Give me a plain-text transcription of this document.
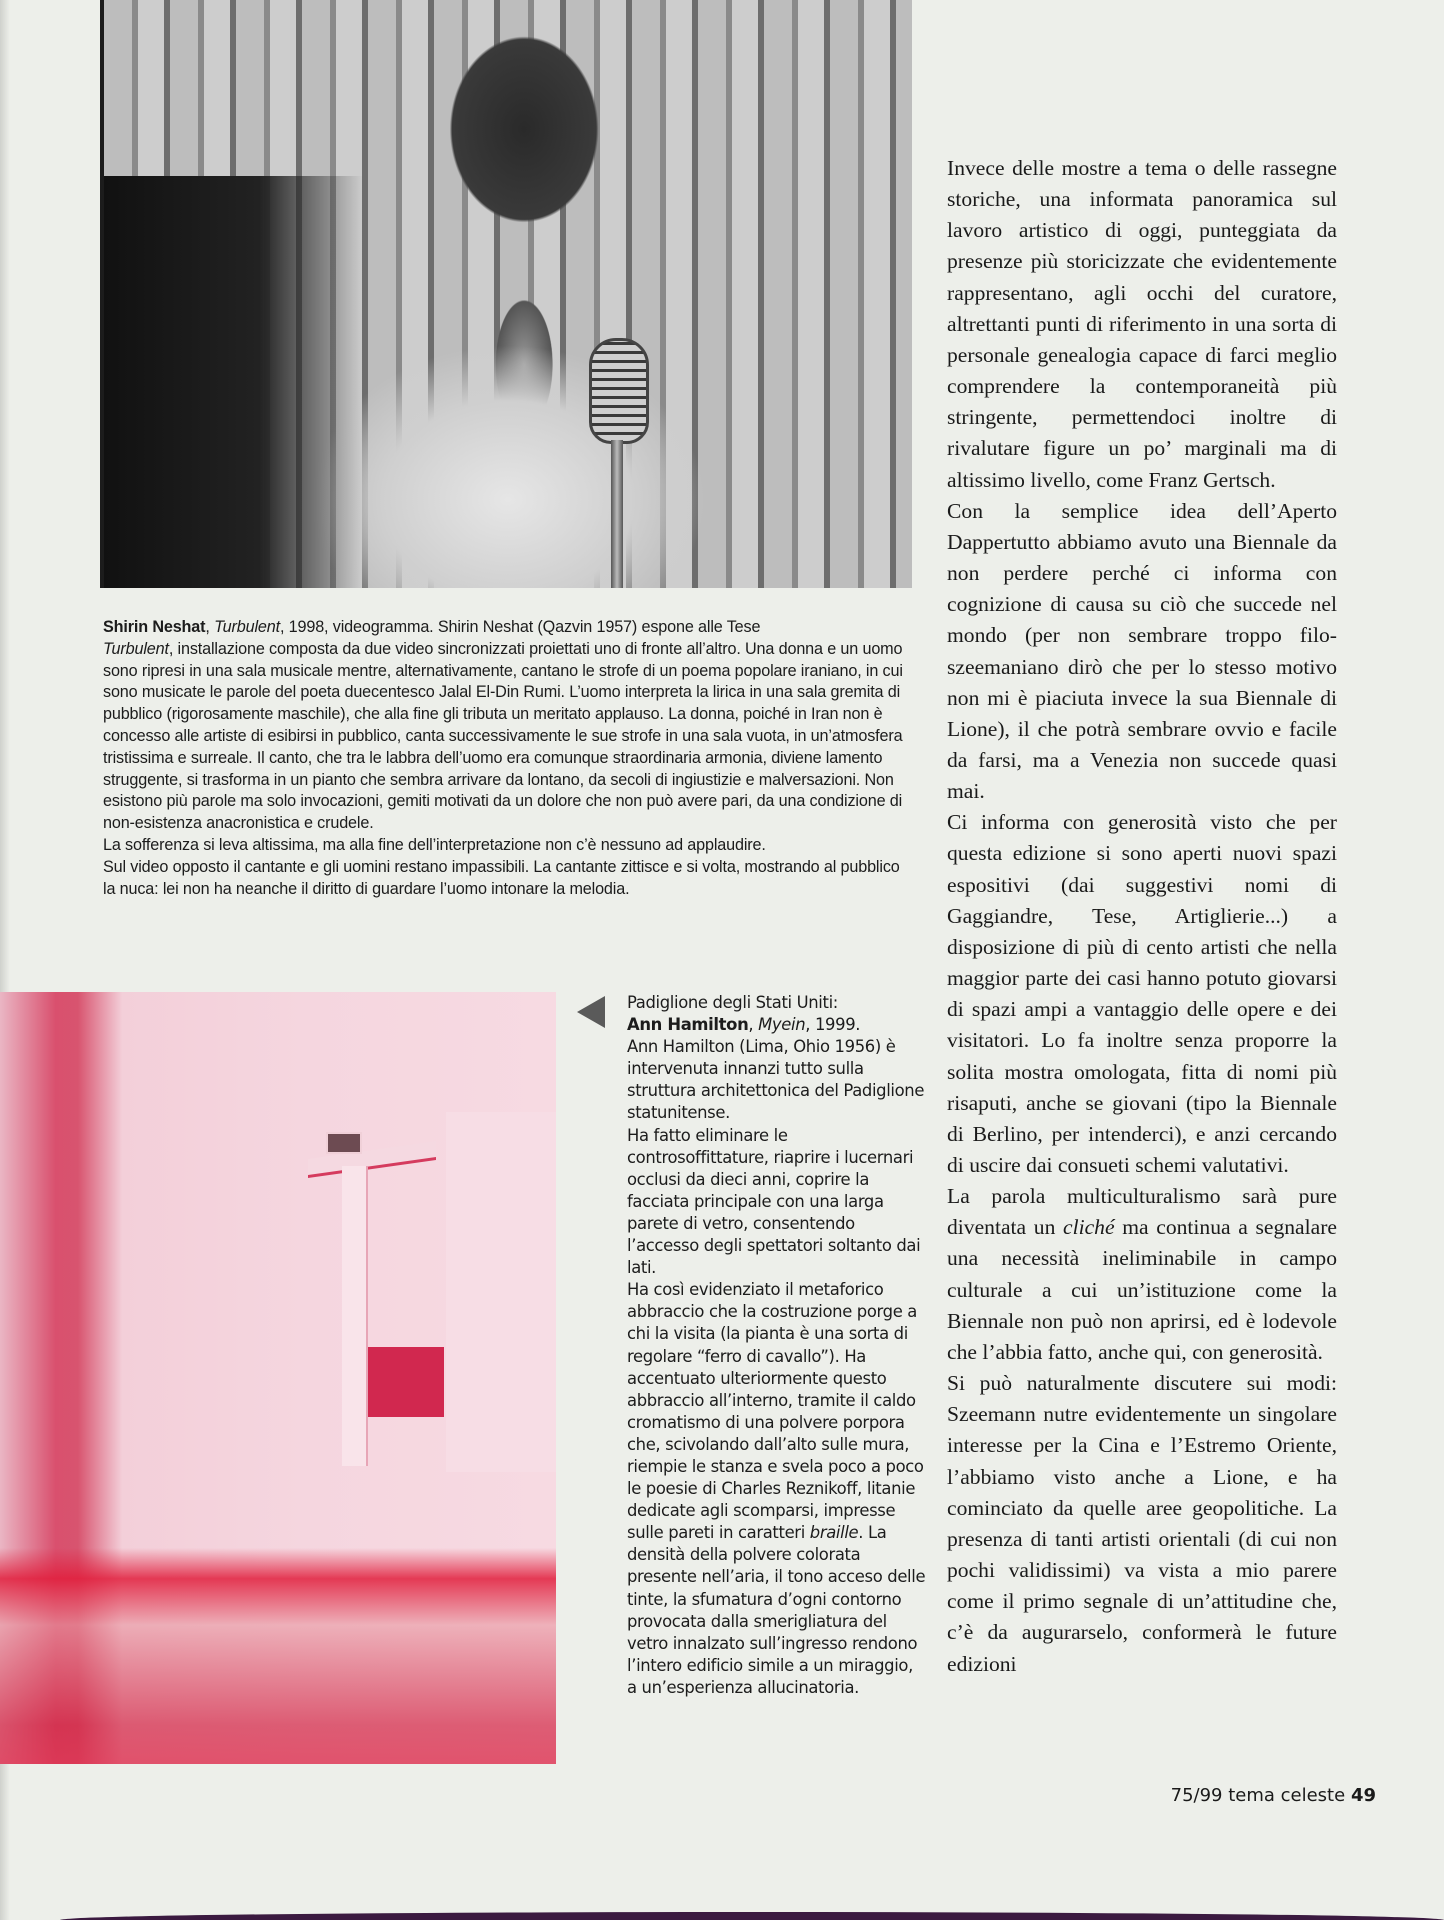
Shirin Neshat, Turbulent, 1998, videogramma. Shirin Neshat (Qazvin 1957) espone alle Tese
Turbulent, installazione composta da due video sincronizzati proiettati uno di fronte all’altro. Una donna e un uomo sono ripresi in una sala musicale mentre, alternativamente, cantano le strofe di un poema popolare iraniano, in cui sono musicate le parole del poeta duecentesco Jalal El-Din Rumi. L’uomo interpreta la lirica in una sala gremita di pubblico (rigorosamente maschile), che alla fine gli tributa un meritato applauso. La donna, poiché in Iran non è concesso alle artiste di esibirsi in pubblico, canta successivamente le sue strofe in una sala vuota, in un’atmosfera tristissima e surreale. Il canto, che tra le labbra dell’uomo era comunque straordinaria armonia, diviene lamento struggente, si trasforma in un pianto che sembra arrivare da lontano, da secoli di ingiustizie e malversazioni. Non esistono più parole ma solo invocazioni, gemiti motivati da un dolore che non può avere pari, da una condizione di non-esistenza anacronistica e crudele.
La sofferenza si leva altissima, ma alla fine dell’interpretazione non c’è nessuno ad applaudire.
Sul video opposto il cantante e gli uomini restano impassibili. La cantante zittisce e si volta, mostrando al pubblico la nuca: lei non ha neanche il diritto di guardare l’uomo intonare la melodia.
Padiglione degli Stati Uniti:
Ann Hamilton, Myein, 1999.
Ann Hamilton (Lima, Ohio 1956) è intervenuta innanzi tutto sulla struttura architettonica del Padiglione statunitense.
Ha fatto eliminare le controsoffittature, riaprire i lucernari occlusi da dieci anni, coprire la facciata principale con una larga parete di vetro, consentendo l’accesso degli spettatori soltanto dai lati.
Ha così evidenziato il metaforico abbraccio che la costruzione porge a chi la visita (la pianta è una sorta di regolare “ferro di cavallo”). Ha accentuato ulteriormente questo abbraccio all’interno, tramite il caldo cromatismo di una polvere porpora che, scivolando dall’alto sulle mura, riempie le stanza e svela poco a poco le poesie di Charles Reznikoff, litanie dedicate agli scomparsi, impresse sulle pareti in caratteri braille. La densità della polvere colorata presente nell’aria, il tono acceso delle tinte, la sfumatura d’ogni contorno provocata dalla smerigliatura del vetro innalzato sull’ingresso rendono l’intero edificio simile a un miraggio, a un’esperienza allucinatoria.

Invece delle mostre a tema o delle rassegne storiche, una informata panoramica sul lavoro artistico di oggi, punteggiata da presenze più storicizzate che evidentemente rappresentano, agli occhi del curatore, altrettanti punti di riferimento in una sorta di personale genealogia capace di farci meglio comprendere la contemporaneità più stringente, permettendoci inoltre di rivalutare figure un po’ marginali ma di altissimo livello, come Franz Gertsch.

Con la semplice idea dell’Aperto Dappertutto abbiamo avuto una Biennale da non perdere perché ci informa con cognizione di causa su ciò che succede nel mondo (per non sembrare troppo filo-szeemaniano dirò che per lo stesso motivo non mi è piaciuta invece la sua Biennale di Lione), il che potrà sembrare ovvio e facile da farsi, ma a Venezia non succede quasi mai.

Ci informa con generosità visto che per questa edizione si sono aperti nuovi spazi espositivi (dai suggestivi nomi di Gaggiandre, Tese, Artiglierie...) a disposizione di più di cento artisti che nella maggior parte dei casi hanno potuto giovarsi di spazi ampi a vantaggio delle opere e dei visitatori. Lo fa inoltre senza proporre la solita mostra omologata, fitta di nomi più risaputi, anche se giovani (tipo la Biennale di Berlino, per intenderci), e anzi cercando di uscire dai consueti schemi valutativi.

La parola multiculturalismo sarà pure diventata un cliché ma continua a segnalare una necessità ineliminabile in campo culturale a cui un’istituzione come la Biennale non può non aprirsi, ed è lodevole che l’abbia fatto, anche qui, con generosità.

Si può naturalmente discutere sui modi: Szeemann nutre evidentemente un singolare interesse per la Cina e l’Estremo Oriente, l’abbiamo visto anche a Lione, e ha cominciato da quelle aree geopolitiche. La presenza di tanti artisti orientali (di cui non pochi validissimi) va vista a mio parere come il primo segnale di un’attitudine che, c’è da augurarselo, conformerà le future edizioni

75/99 tema celeste 49
